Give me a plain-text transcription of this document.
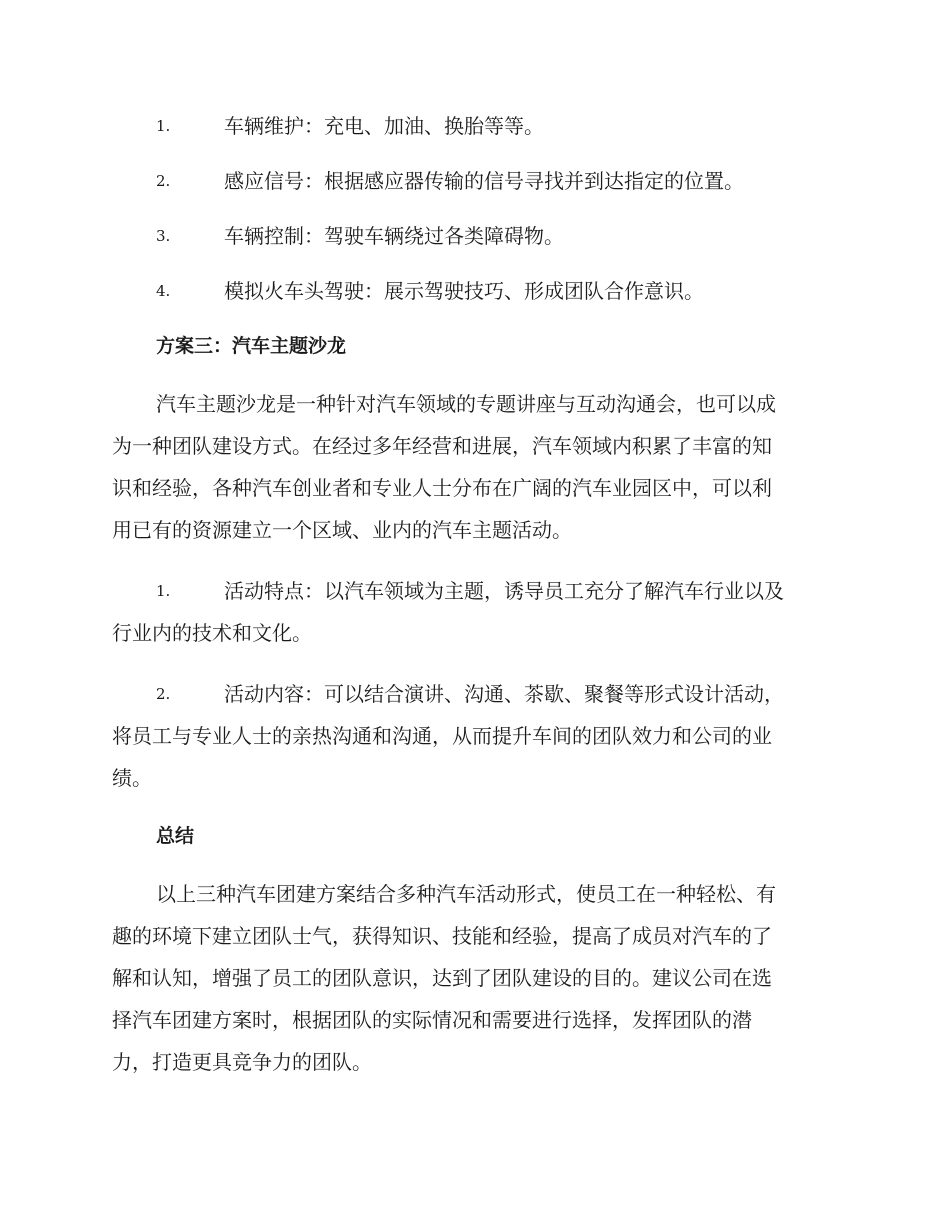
1.	车辆维护：充电、加油、换胎等等。
2.	感应信号：根据感应器传输的信号寻找并到达指定的位置。
3.	车辆控制：驾驶车辆绕过各类障碍物。
4.	模拟火车头驾驶：展示驾驶技巧、形成团队合作意识。
方案三：汽车主题沙龙
汽车主题沙龙是一种针对汽车领域的专题讲座与互动沟通会，也可以成
为一种团队建设方式。在经过多年经营和进展，汽车领域内积累了丰富的知
识和经验，各种汽车创业者和专业人士分布在广阔的汽车业园区中，可以利
用已有的资源建立一个区域、业内的汽车主题活动。
1.	活动特点：以汽车领域为主题，诱导员工充分了解汽车行业以及
行业内的技术和文化。
2.	活动内容：可以结合演讲、沟通、茶歇、聚餐等形式设计活动，
将员工与专业人士的亲热沟通和沟通，从而提升车间的团队效力和公司的业
绩。
总结
以上三种汽车团建方案结合多种汽车活动形式，使员工在一种轻松、有
趣的环境下建立团队士气，获得知识、技能和经验，提高了成员对汽车的了
解和认知，增强了员工的团队意识，达到了团队建设的目的。建议公司在选
择汽车团建方案时，根据团队的实际情况和需要进行选择，发挥团队的潜
力，打造更具竞争力的团队。
